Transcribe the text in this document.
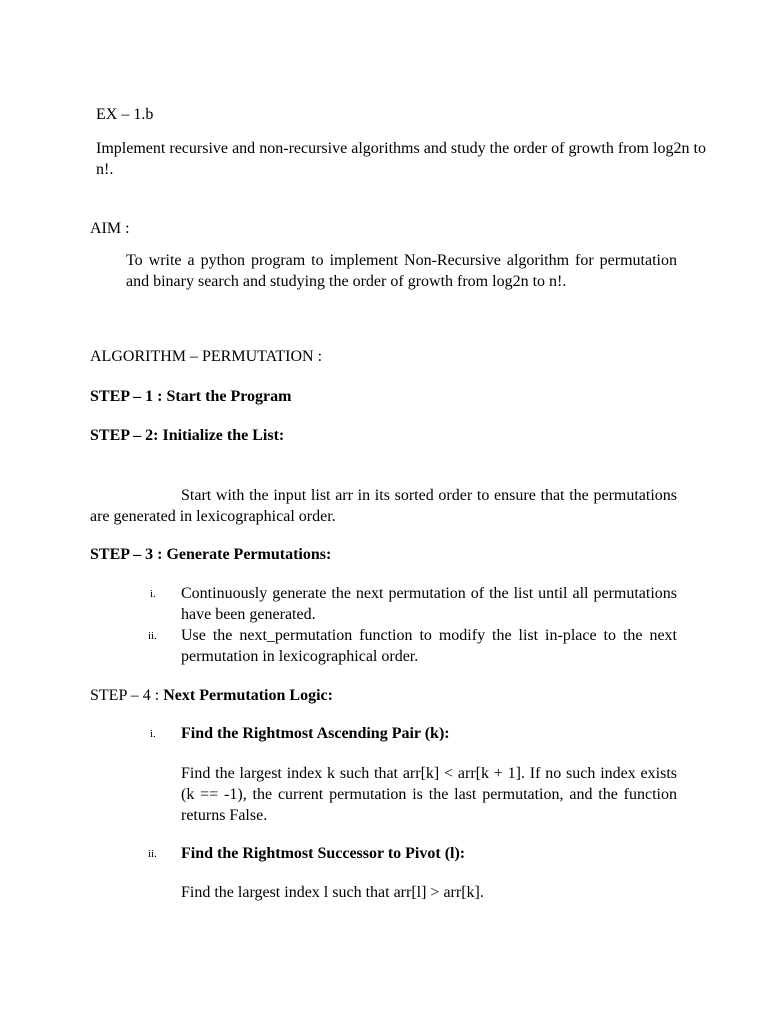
EX – 1.b

Implement recursive and non-recursive algorithms and study the order of growth from log2n to n!.

AIM :

To write a python program to implement Non-Recursive algorithm for permutation and binary search and studying the order of growth from log2n to n!.

ALGORITHM – PERMUTATION :

STEP – 1 : Start the Program

STEP – 2: Initialize the List:

Start with the input list arr in its sorted order to ensure that the permutations are generated in lexicographical order.

STEP – 3 : Generate Permutations:

i. Continuously generate the next permutation of the list until all permutations have been generated.

ii. Use the next_permutation function to modify the list in-place to the next permutation in lexicographical order.

STEP – 4 : Next Permutation Logic:

i. Find the Rightmost Ascending Pair (k):

Find the largest index k such that arr[k] < arr[k + 1]. If no such index exists (k == -1), the current permutation is the last permutation, and the function returns False.

ii. Find the Rightmost Successor to Pivot (l):

Find the largest index l such that arr[l] > arr[k].
